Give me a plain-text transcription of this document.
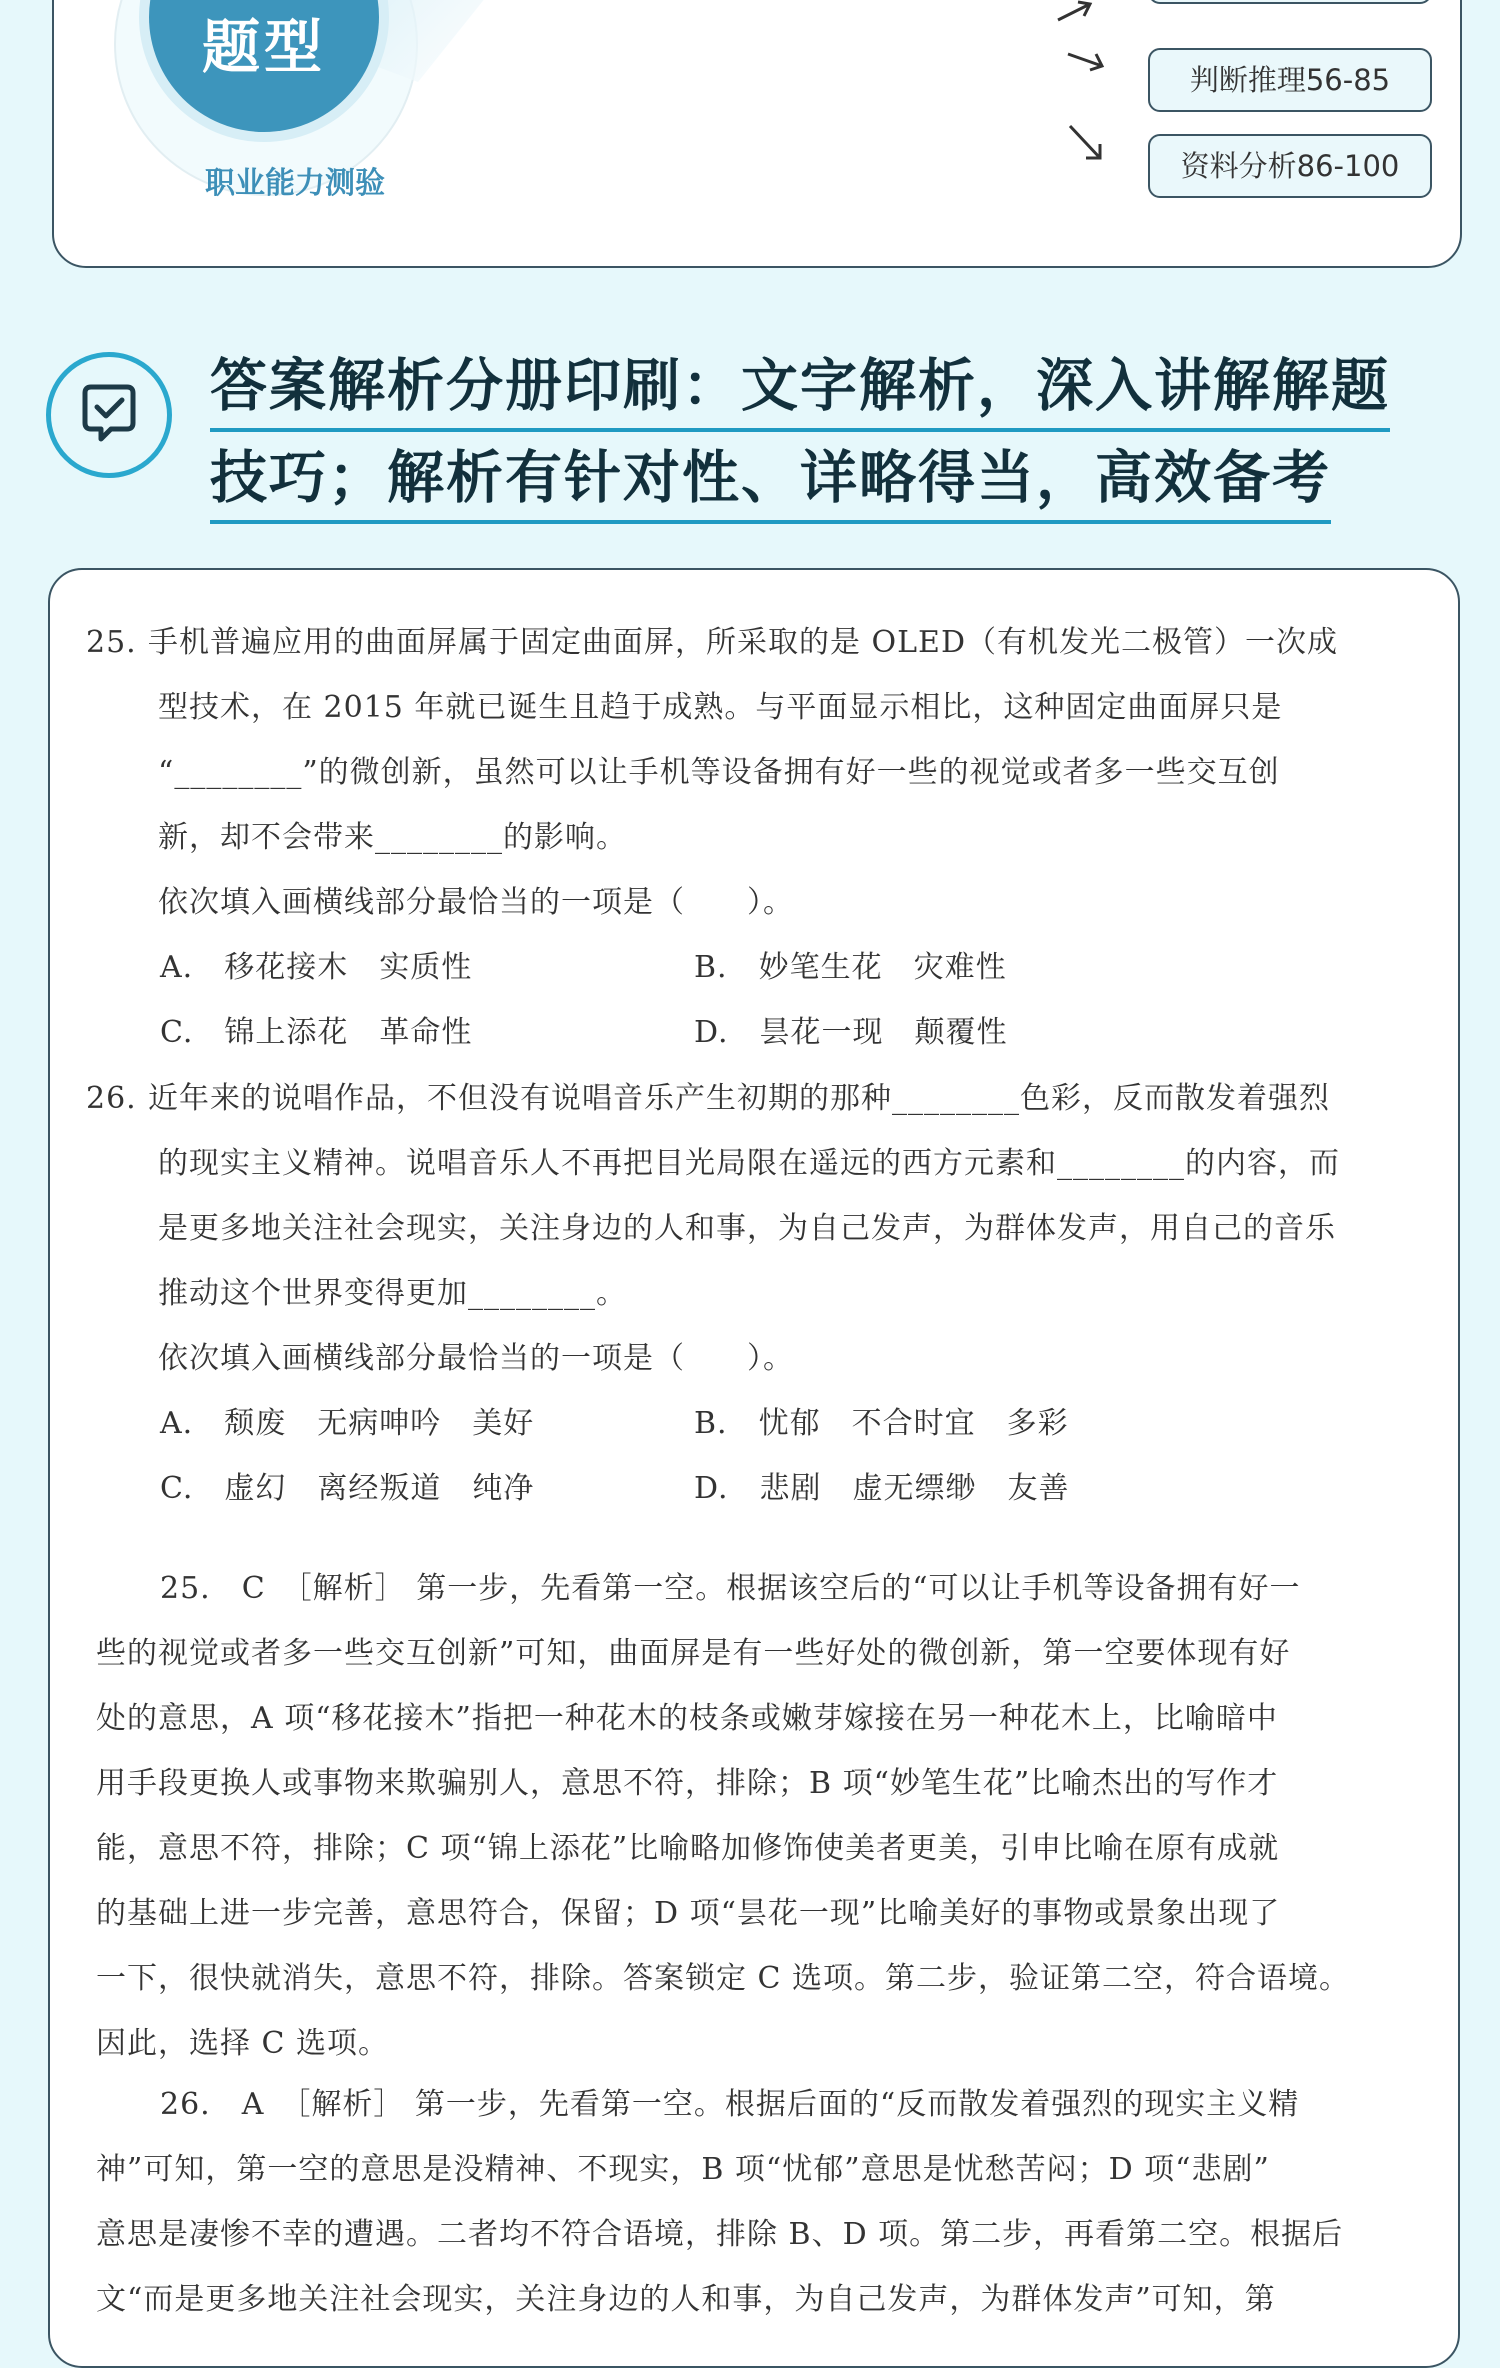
题型
职业能力测验
判断推理56-85
资料分析86-100
答案解析分册印刷：文字解析，深入讲解解题
技巧；解析有针对性、详略得当，高效备考
25. 手机普遍应用的曲面屏属于固定曲面屏，所采取的是 OLED（有机发光二极管）一次成
型技术，在 2015 年就已诞生且趋于成熟。与平面显示相比，这种固定曲面屏只是
“________”的微创新，虽然可以让手机等设备拥有好一些的视觉或者多一些交互创
新，却不会带来________的影响。
依次填入画横线部分最恰当的一项是（　　）。
A.　移花接木　实质性	B.　妙笔生花　灾难性
C.　锦上添花　革命性	D.　昙花一现　颠覆性
26. 近年来的说唱作品，不但没有说唱音乐产生初期的那种________色彩，反而散发着强烈
的现实主义精神。说唱音乐人不再把目光局限在遥远的西方元素和________的内容，而
是更多地关注社会现实，关注身边的人和事，为自己发声，为群体发声，用自己的音乐
推动这个世界变得更加________。
依次填入画横线部分最恰当的一项是（　　）。
A.　颓废　无病呻吟　美好	B.　忧郁　不合时宜　多彩
C.　虚幻　离经叛道　纯净	D.　悲剧　虚无缥缈　友善
25.　C　［解析］ 第一步，先看第一空。根据该空后的“可以让手机等设备拥有好一
些的视觉或者多一些交互创新”可知，曲面屏是有一些好处的微创新，第一空要体现有好
处的意思，A 项“移花接木”指把一种花木的枝条或嫩芽嫁接在另一种花木上，比喻暗中
用手段更换人或事物来欺骗别人，意思不符，排除；B 项“妙笔生花”比喻杰出的写作才
能，意思不符，排除；C 项“锦上添花”比喻略加修饰使美者更美，引申比喻在原有成就
的基础上进一步完善，意思符合，保留；D 项“昙花一现”比喻美好的事物或景象出现了
一下，很快就消失，意思不符，排除。答案锁定 C 选项。第二步，验证第二空，符合语境。
因此，选择 C 选项。
26.　A　［解析］ 第一步，先看第一空。根据后面的“反而散发着强烈的现实主义精
神”可知，第一空的意思是没精神、不现实，B 项“忧郁”意思是忧愁苦闷；D 项“悲剧”
意思是凄惨不幸的遭遇。二者均不符合语境，排除 B、D 项。第二步，再看第二空。根据后
文“而是更多地关注社会现实，关注身边的人和事，为自己发声，为群体发声”可知，第
